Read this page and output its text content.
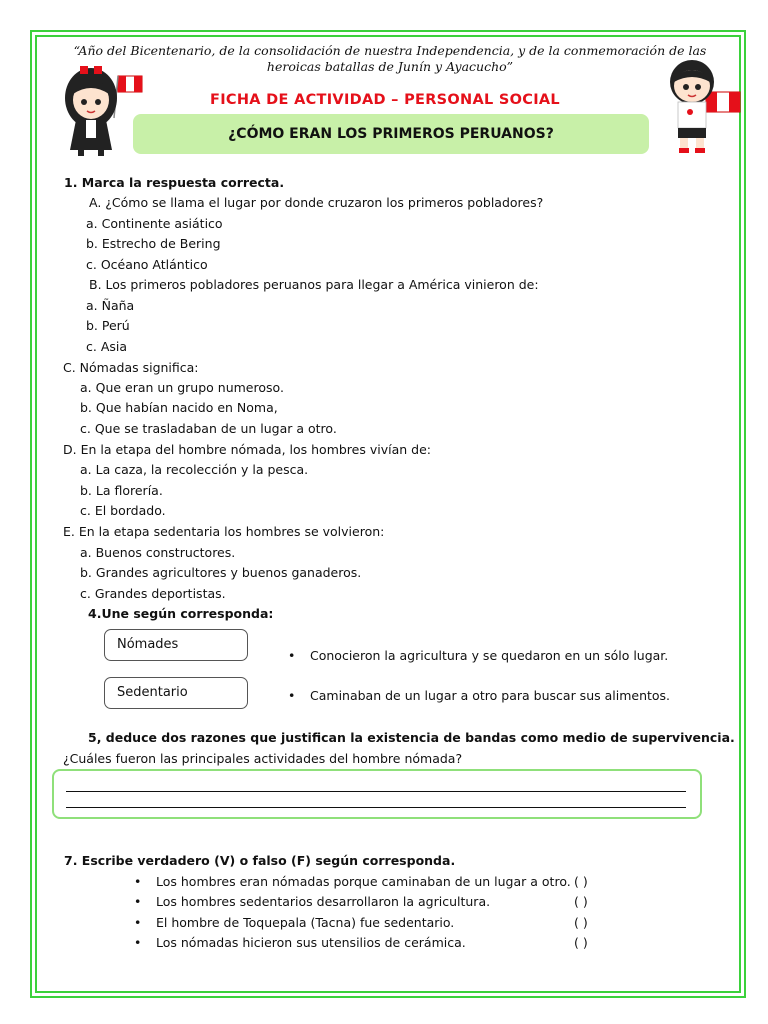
“Año del Bicentenario, de la consolidación de nuestra Independencia, y de la conmemoración de las heroicas batallas de Junín y Ayacucho”
FICHA DE ACTIVIDAD – PERSONAL SOCIAL
¿CÓMO ERAN LOS PRIMEROS PERUANOS?
1. Marca la respuesta correcta.
A. ¿Cómo se llama el lugar por donde cruzaron los primeros pobladores?
a. Continente asiático
b. Estrecho de Bering
c. Océano Atlántico
B. Los primeros pobladores peruanos para llegar a América vinieron de:
a. Ñaña
b. Perú
c. Asia
C. Nómadas significa:
a. Que eran un grupo numeroso.
b. Que habían nacido en Noma,
c. Que se trasladaban de un lugar a otro.
D. En la etapa del hombre nómada, los hombres vivían de:
a. La caza, la recolección y la pesca.
b. La florería.
c. El bordado.
E. En la etapa sedentaria los hombres se volvieron:
a. Buenos constructores.
b. Grandes agricultores y buenos ganaderos.
c. Grandes deportistas.
4.Une según corresponda:
Nómades
Sedentario
• Conocieron la agricultura y se quedaron en un sólo lugar.
• Caminaban de un lugar a otro para buscar sus alimentos.
5, deduce dos razones que justifican la existencia de bandas como medio de supervivencia.
¿Cuáles fueron las principales actividades del hombre nómada?
7. Escribe verdadero (V) o falso (F) según corresponda.
• Los hombres eran nómadas porque caminaban de un lugar a otro.
• Los hombres sedentarios desarrollaron la agricultura.
• El hombre de Toquepala (Tacna) fue sedentario.
• Los nómadas hicieron sus utensilios de cerámica.
( )
( )
( )
( )
